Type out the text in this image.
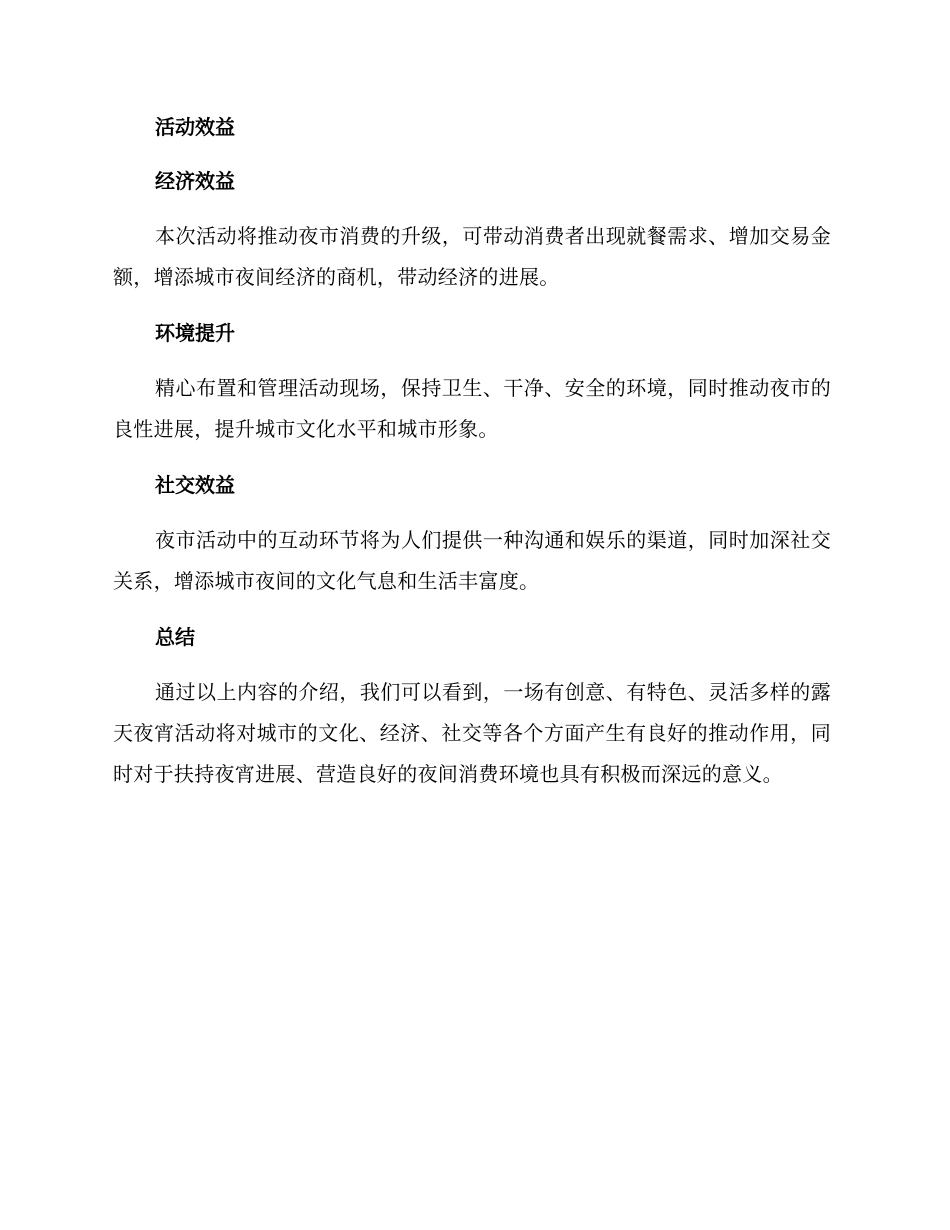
活动效益
经济效益

本次活动将推动夜市消费的升级，可带动消费者出现就餐需求、增加交易金额，增添城市夜间经济的商机，带动经济的进展。

环境提升

精心布置和管理活动现场，保持卫生、干净、安全的环境，同时推动夜市的良性进展，提升城市文化水平和城市形象。

社交效益

夜市活动中的互动环节将为人们提供一种沟通和娱乐的渠道，同时加深社交关系，增添城市夜间的文化气息和生活丰富度。

总结

通过以上内容的介绍，我们可以看到，一场有创意、有特色、灵活多样的露天夜宵活动将对城市的文化、经济、社交等各个方面产生有良好的推动作用，同时对于扶持夜宵进展、营造良好的夜间消费环境也具有积极而深远的意义。
